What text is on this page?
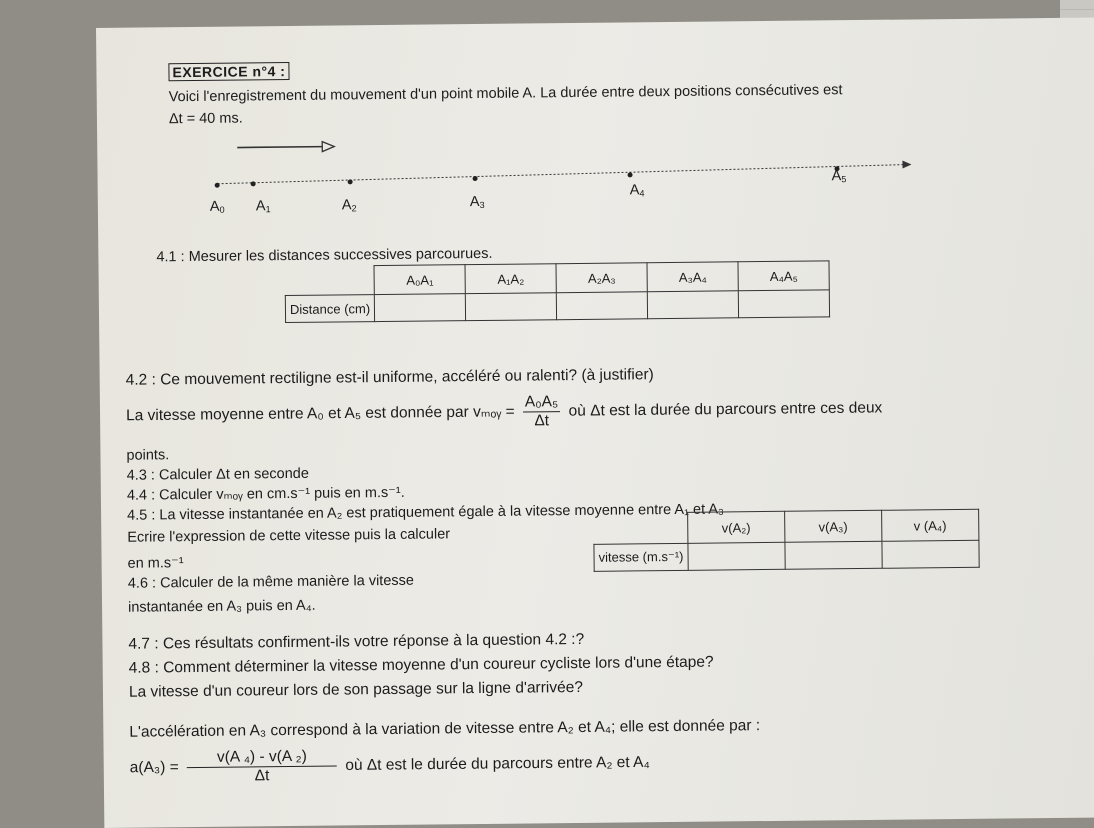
EXERCICE n°4 :
Voici l'enregistrement du mouvement d'un point mobile A. La durée entre deux positions consécutives est
Δt = 40 ms.
$A_0$ $A_1$	$A_2$	$A_3$
$A_4$
$A_5$
4.1 : Mesurer les distances successives parcourues.
	A₀A₁	A₁A₂	A₂A₃	A₃A₄	A₄A₅
Distance (cm)					
4.2 : Ce mouvement rectiligne est-il uniforme, accéléré ou ralenti? (à justifier)
La vitesse moyenne entre A₀ et A₅ est donnée par vₘₒᵧ = $\frac{\text{A₀A₅}}{\Delta t}$ où Δt est la durée du parcours entre ces deux
points.
4.3 : Calculer Δt en seconde
4.4 : Calculer vₘₒᵧ en cm.s⁻¹ puis en m.s⁻¹.
4.5 : La vitesse instantanée en A₂ est pratiquement égale à la vitesse moyenne entre A₁ et A₃
Ecrire l'expression de cette vitesse puis la calculer
en m.s⁻¹
4.6 : Calculer de la même manière la vitesse
instantanée en A₃ puis en A₄.
	v(A₂)	v(A₃)	v (A₄)
vitesse (m.s⁻¹)			
4.7 : Ces résultats confirment-ils votre réponse à la question 4.2 :?
4.8 : Comment déterminer la vitesse moyenne d'un coureur cycliste lors d'une étape?
La vitesse d'un coureur lors de son passage sur la ligne d'arrivée?
L'accélération en A₃ correspond à la variation de vitesse entre A₂ et A₄; elle est donnée par :
$a(A_3) = \frac{\text{v(A ₄) - v(A ₂)}}{\Delta t}$ où Δt est le durée du parcours entre A₂ et A₄
